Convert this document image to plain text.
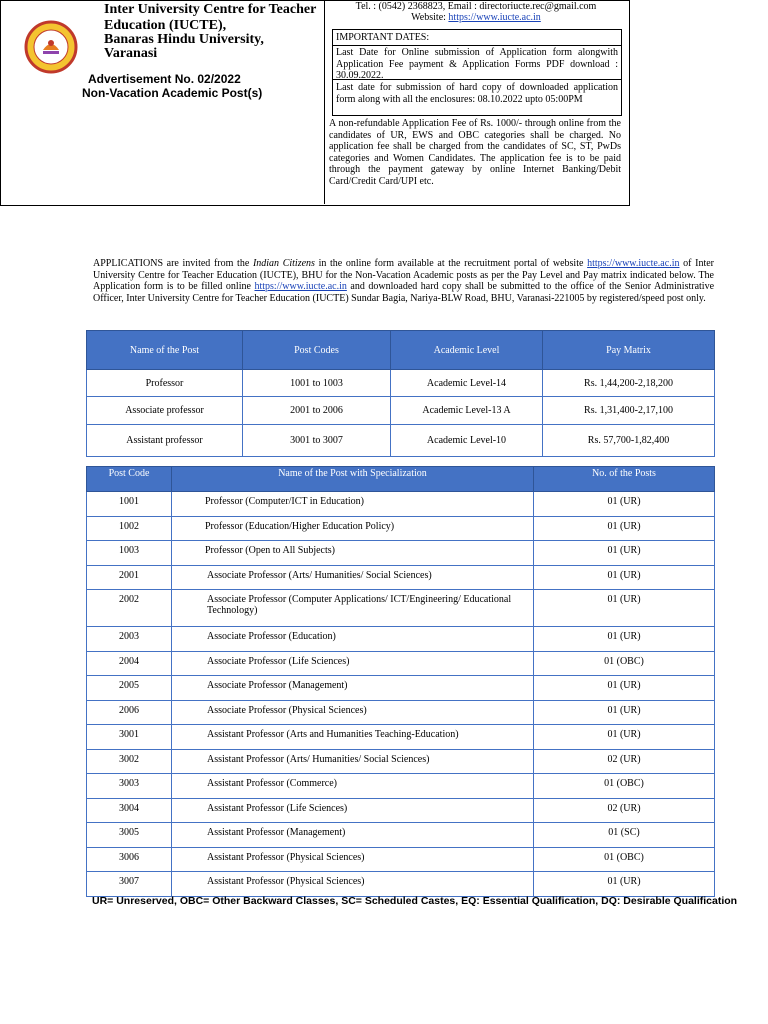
Inter University Centre for Teacher
Education (IUCTE),
Banaras Hindu University,
Varanasi
Advertisement No. 02/2022
Non-Vacation Academic Post(s)
Tel. : (0542) 2368823, Email : directoriucte.rec@gmail.com
Website: https://www.iucte.ac.in
IMPORTANT DATES:
Last Date for Online submission of Application form alongwith Application Fee payment & Application Forms PDF download : 30.09.2022.
Last date for submission of hard copy of downloaded application form along with all the enclosures: 08.10.2022 upto 05:00PM
A non-refundable Application Fee of Rs. 1000/- through online from the candidates of UR, EWS and OBC categories shall be charged. No application fee shall be charged from the candidates of SC, ST, PwDs categories and Women Candidates. The application fee is to be paid through the payment gateway by online Internet Banking/Debit Card/Credit Card/UPI etc.
APPLICATIONS are invited from the Indian Citizens in the online form available at the recruitment portal of website https://www.iucte.ac.in of Inter University Centre for Teacher Education (IUCTE), BHU for the Non-Vacation Academic posts as per the Pay Level and Pay matrix indicated below. The Application form is to be filled online https://www.iucte.ac.in and downloaded hard copy shall be submitted to the office of the Senior Administrative Officer, Inter University Centre for Teacher Education (IUCTE) Sundar Bagia, Nariya-BLW Road, BHU, Varanasi-221005 by registered/speed post only.
Name of the Post	Post Codes	Academic Level	Pay Matrix
Professor	1001 to 1003	Academic Level-14	Rs. 1,44,200-2,18,200
Associate professor	2001 to 2006	Academic Level-13 A	Rs. 1,31,400-2,17,100
Assistant professor	3001 to 3007	Academic Level-10	Rs. 57,700-1,82,400
Post Code	Name of the Post with Specialization	No. of the Posts
1001	Professor (Computer/ICT in Education)	01 (UR)
1002	Professor (Education/Higher Education Policy)	01 (UR)
1003	Professor (Open to All Subjects)	01 (UR)
2001	Associate Professor (Arts/ Humanities/ Social Sciences)	01 (UR)
2002	Associate Professor (Computer Applications/ ICT/Engineering/ Educational Technology)	01 (UR)
2003	Associate Professor (Education)	01 (UR)
2004	Associate Professor (Life Sciences)	01 (OBC)
2005	Associate Professor (Management)	01 (UR)
2006	Associate Professor (Physical Sciences)	01 (UR)
3001	Assistant Professor (Arts and Humanities Teaching-Education)	01 (UR)
3002	Assistant Professor (Arts/ Humanities/ Social Sciences)	02 (UR)
3003	Assistant Professor (Commerce)	01 (OBC)
3004	Assistant Professor (Life Sciences)	02 (UR)
3005	Assistant Professor (Management)	01 (SC)
3006	Assistant Professor (Physical Sciences)	01 (OBC)
3007	Assistant Professor (Physical Sciences)	01 (UR)
UR= Unreserved, OBC= Other Backward Classes, SC= Scheduled Castes, EQ: Essential Qualification, DQ: Desirable Qualification
